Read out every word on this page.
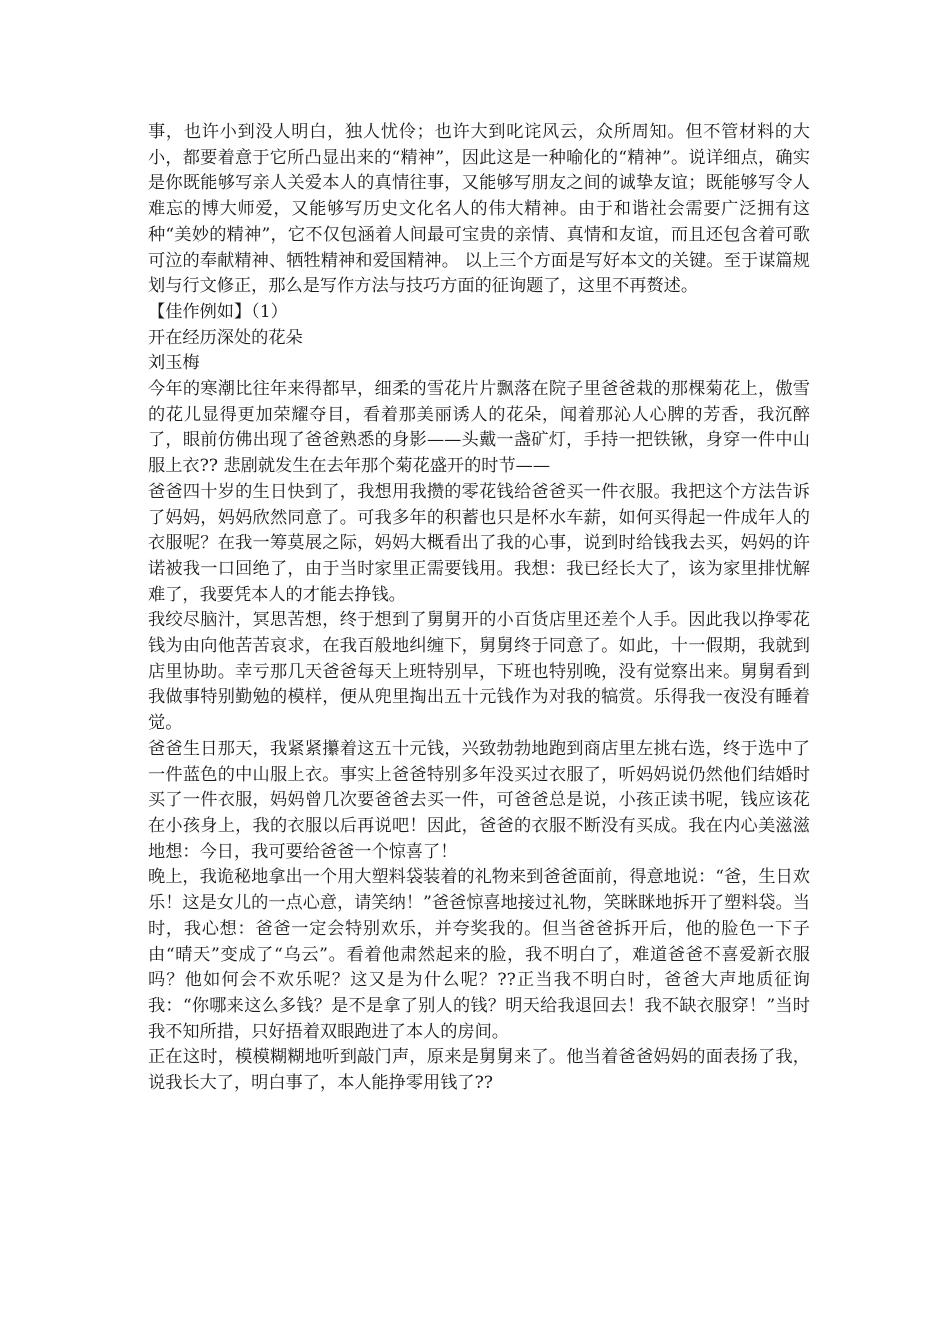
事，也许小到没人明白，独人忧伶；也许大到叱诧风云，众所周知。但不管材料的大小，都要着意于它所凸显出来的“精神”，因此这是一种喻化的“精神”。说详细点，确实是你既能够写亲人关爱本人的真情往事，又能够写朋友之间的诚挚友谊；既能够写令人难忘的博大师爱，又能够写历史文化名人的伟大精神。由于和谐社会需要广泛拥有这种“美妙的精神”，它不仅包涵着人间最可宝贵的亲情、真情和友谊，而且还包含着可歌可泣的奉献精神、牺牲精神和爱国精神。 以上三个方面是写好本文的关键。至于谋篇规划与行文修正，那么是写作方法与技巧方面的征询题了，这里不再赘述。

【佳作例如】（1）

开在经历深处的花朵

刘玉梅

今年的寒潮比往年来得都早，细柔的雪花片片飘落在院子里爸爸栽的那棵菊花上，傲雪的花儿显得更加荣耀夺目，看着那美丽诱人的花朵，闻着那沁人心脾的芳香，我沉醉了，眼前仿佛出现了爸爸熟悉的身影——头戴一盏矿灯，手持一把铁锹，身穿一件中山服上衣?? 悲剧就发生在去年那个菊花盛开的时节——

爸爸四十岁的生日快到了，我想用我攒的零花钱给爸爸买一件衣服。我把这个方法告诉了妈妈，妈妈欣然同意了。可我多年的积蓄也只是杯水车薪，如何买得起一件成年人的衣服呢？在我一筹莫展之际，妈妈大概看出了我的心事，说到时给钱我去买，妈妈的许诺被我一口回绝了，由于当时家里正需要钱用。我想：我已经长大了，该为家里排忧解难了，我要凭本人的才能去挣钱。

我绞尽脑汁，冥思苦想，终于想到了舅舅开的小百货店里还差个人手。因此我以挣零花钱为由向他苦苦哀求，在我百般地纠缠下，舅舅终于同意了。如此，十一假期，我就到店里协助。幸亏那几天爸爸每天上班特别早，下班也特别晚，没有觉察出来。舅舅看到我做事特别勤勉的模样，便从兜里掏出五十元钱作为对我的犒赏。乐得我一夜没有睡着觉。

爸爸生日那天，我紧紧攥着这五十元钱，兴致勃勃地跑到商店里左挑右选，终于选中了一件蓝色的中山服上衣。事实上爸爸特别多年没买过衣服了，听妈妈说仍然他们结婚时买了一件衣服，妈妈曾几次要爸爸去买一件，可爸爸总是说，小孩正读书呢，钱应该花在小孩身上，我的衣服以后再说吧！因此，爸爸的衣服不断没有买成。我在内心美滋滋地想：今日，我可要给爸爸一个惊喜了！

晚上，我诡秘地拿出一个用大塑料袋装着的礼物来到爸爸面前，得意地说：“爸，生日欢乐！这是女儿的一点心意，请笑纳！”爸爸惊喜地接过礼物，笑眯眯地拆开了塑料袋。当时，我心想：爸爸一定会特别欢乐，并夸奖我的。但当爸爸拆开后，他的脸色一下子由“晴天”变成了“乌云”。看着他肃然起来的脸，我不明白了，难道爸爸不喜爱新衣服吗？他如何会不欢乐呢？这又是为什么呢？??正当我不明白时，爸爸大声地质征询我：“你哪来这么多钱？是不是拿了别人的钱？明天给我退回去！我不缺衣服穿！”当时我不知所措，只好捂着双眼跑进了本人的房间。

正在这时，模模糊糊地听到敲门声，原来是舅舅来了。他当着爸爸妈妈的面表扬了我，说我长大了，明白事了，本人能挣零用钱了??
